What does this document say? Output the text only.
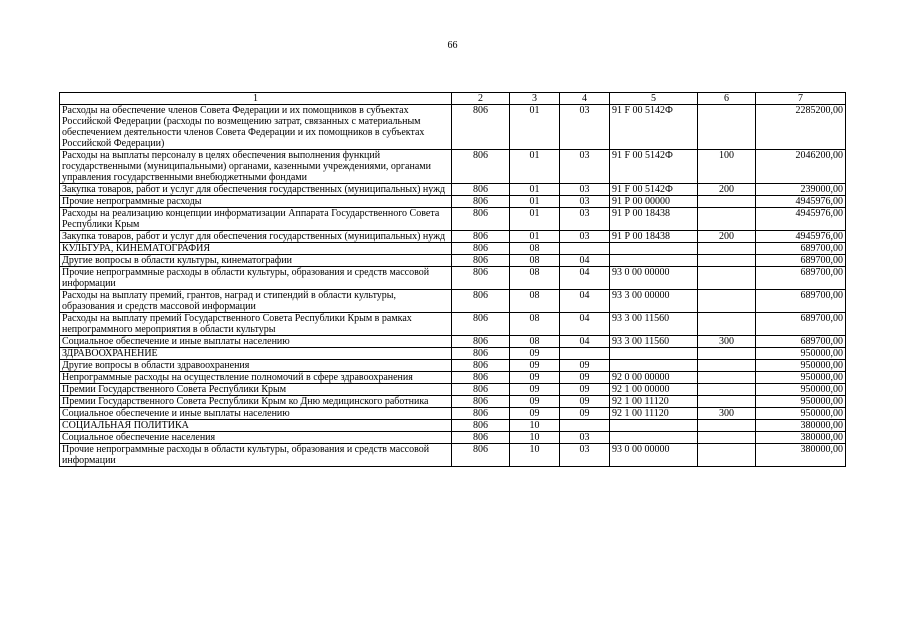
66
1	2	3	4	5	6	7
Расходы на обеспечение членов Совета Федерации и их помощников в субъектах Российской Федерации (расходы по возмещению затрат, связанных с материальным обеспечением деятельности членов Совета Федерации и их помощников в субъектах Российской Федерации)	806	01	03	91 F 00 5142Ф		2285200,00
Расходы на выплаты персоналу в целях обеспечения выполнения функций государственными (муниципальными) органами, казенными учреждениями, органами управления государственными внебюджетными фондами	806	01	03	91 F 00 5142Ф	100	2046200,00
Закупка товаров, работ и услуг для обеспечения государственных (муниципальных) нужд	806	01	03	91 F 00 5142Ф	200	239000,00
Прочие непрограммные расходы	806	01	03	91 Р 00 00000		4945976,00
Расходы на реализацию концепции информатизации Аппарата Государственного Совета Республики Крым	806	01	03	91 Р 00 18438		4945976,00
Закупка товаров, работ и услуг для обеспечения государственных (муниципальных) нужд	806	01	03	91 Р 00 18438	200	4945976,00
КУЛЬТУРА, КИНЕМАТОГРАФИЯ	806	08				689700,00
Другие вопросы в области культуры, кинематографии	806	08	04			689700,00
Прочие непрограммные расходы в области культуры, образования и средств массовой информации	806	08	04	93 0 00 00000		689700,00
Расходы на выплату премий, грантов, наград и стипендий в области культуры, образования и средств массовой информации	806	08	04	93 3 00 00000		689700,00
Расходы на выплату премий Государственного Совета Республики Крым в рамках непрограммного мероприятия в области культуры	806	08	04	93 3 00 11560		689700,00
Социальное обеспечение и иные выплаты населению	806	08	04	93 3 00 11560	300	689700,00
ЗДРАВООХРАНЕНИЕ	806	09				950000,00
Другие вопросы в области здравоохранения	806	09	09			950000,00
Непрограммные расходы на осуществление полномочий в сфере здравоохранения	806	09	09	92 0 00 00000		950000,00
Премии Государственного Совета Республики Крым	806	09	09	92 1 00 00000		950000,00
Премии Государственного Совета Республики Крым ко Дню медицинского работника	806	09	09	92 1 00 11120		950000,00
Социальное обеспечение и иные выплаты населению	806	09	09	92 1 00 11120	300	950000,00
СОЦИАЛЬНАЯ ПОЛИТИКА	806	10				380000,00
Социальное обеспечение населения	806	10	03			380000,00
Прочие непрограммные расходы в области культуры, образования и средств массовой информации	806	10	03	93 0 00 00000		380000,00
